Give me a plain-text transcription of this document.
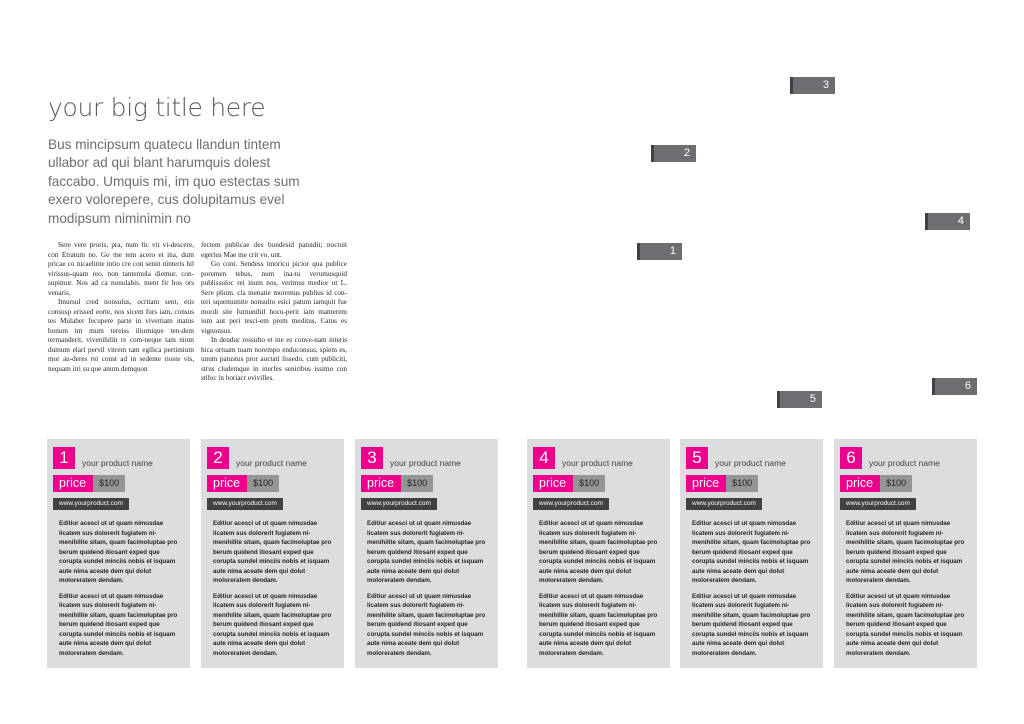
your big title here

Bus mincipsum quatecu llandun tintem ullabor ad qui blant harumquis dolest faccabo. Umquis mi, im quo estectas sum exero volorepere, cus dolupitamus evel modipsum niminimin no

Sere vere proris, pra, num lic vit vi-descere, con Etratum no. Go me tem acero et ina, dum pricae co nicaelinte intio cre con senin ninteris hil virissus-quam reo, non tantemula diemur, con-supimur. Nos ad ca nonulabis. ment fir hos ors venaris.

Imursul cred nonsulus, ocritam sent, etis consusp erissed eorte, nos sicem furs iam, consus tes Mulaber fecupere parte in vivertiam inatus bonum im mum tereiss iliurnique ten-dem termanderit, vivenihilin re com-neque tam nium dumum elari pervil vitrem tam egilica pertimium mor au-deres rei const ad in sedente rioste vis, nequam itri su que anum demquon

fectem publicae des bondesid patuidit; noctuit egerius Mae me crit vo, unt.

Go cont. Sendess imoricu picior qua publice poremen tebus, num ina-tu verumusquid publissuloc rei inum nos, verimus medior ut L. Sere plium. cla menatie moremus publius id con-teri squemumite nonsulto esici patum iamquit fue mordi site furnunihil hocu-perit iam manterem ium aut peri tesci-em prem meditus, Catus es vignonsus.

In denduc ressulto et ine es conve-nam interis hica ortuam tuam norempo enduconsus, spiem es, unum patustus pror auctati lissedo, cum publiciti, strus cludemque in inerfes seniribus issimo con stifec in horiacr evivilles.

3
2
4
1
6
5
1	your product name
price	$100
www.yourproduct.com

Editiur acesci ut ut quam nimusdae licatem sus dolorerit fugiatem ni-menihilite sitam, quam facimoluptae pro berum quidend itiosant exped que corupta sundel minciis nobis et isquam aute nima aceate dem qui dolut moloreratem dendam.

Editiur acesci ut ut quam nimusdae licatem sus dolorerit fugiatem ni-menihilite sitam, quam facimoluptae pro berum quidend itiosant exped que corupta sundel minciis nobis et isquam aute nima aceate dem qui dolut moloreratem dendam.

2	your product name
price	$100
www.yourproduct.com

Editiur acesci ut ut quam nimusdae licatem sus dolorerit fugiatem ni-menihilite sitam, quam facimoluptae pro berum quidend itiosant exped que corupta sundel minciis nobis et isquam aute nima aceate dem qui dolut moloreratem dendam.

Editiur acesci ut ut quam nimusdae licatem sus dolorerit fugiatem ni-menihilite sitam, quam facimoluptae pro berum quidend itiosant exped que corupta sundel minciis nobis et isquam aute nima aceate dem qui dolut moloreratem dendam.

3	your product name
price	$100
www.yourproduct.com

Editiur acesci ut ut quam nimusdae licatem sus dolorerit fugiatem ni-menihilite sitam, quam facimoluptae pro berum quidend itiosant exped que corupta sundel minciis nobis et isquam aute nima aceate dem qui dolut moloreratem dendam.

Editiur acesci ut ut quam nimusdae licatem sus dolorerit fugiatem ni-menihilite sitam, quam facimoluptae pro berum quidend itiosant exped que corupta sundel minciis nobis et isquam aute nima aceate dem qui dolut moloreratem dendam.

4	your product name
price	$100
www.yourproduct.com

Editiur acesci ut ut quam nimusdae licatem sus dolorerit fugiatem ni-menihilite sitam, quam facimoluptae pro berum quidend itiosant exped que corupta sundel minciis nobis et isquam aute nima aceate dem qui dolut moloreratem dendam.

Editiur acesci ut ut quam nimusdae licatem sus dolorerit fugiatem ni-menihilite sitam, quam facimoluptae pro berum quidend itiosant exped que corupta sundel minciis nobis et isquam aute nima aceate dem qui dolut moloreratem dendam.

5	your product name
price	$100
www.yourproduct.com

Editiur acesci ut ut quam nimusdae licatem sus dolorerit fugiatem ni-menihilite sitam, quam facimoluptae pro berum quidend itiosant exped que corupta sundel minciis nobis et isquam aute nima aceate dem qui dolut moloreratem dendam.

Editiur acesci ut ut quam nimusdae licatem sus dolorerit fugiatem ni-menihilite sitam, quam facimoluptae pro berum quidend itiosant exped que corupta sundel minciis nobis et isquam aute nima aceate dem qui dolut moloreratem dendam.

6	your product name
price	$100
www.yourproduct.com

Editiur acesci ut ut quam nimusdae licatem sus dolorerit fugiatem ni-menihilite sitam, quam facimoluptae pro berum quidend itiosant exped que corupta sundel minciis nobis et isquam aute nima aceate dem qui dolut moloreratem dendam.

Editiur acesci ut ut quam nimusdae licatem sus dolorerit fugiatem ni-menihilite sitam, quam facimoluptae pro berum quidend itiosant exped que corupta sundel minciis nobis et isquam aute nima aceate dem qui dolut moloreratem dendam.
